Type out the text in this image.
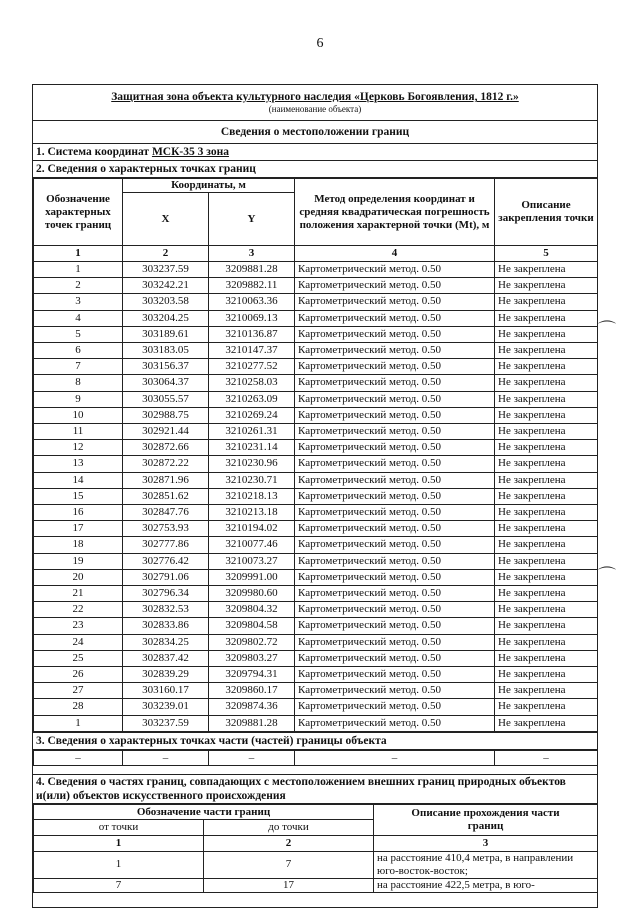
6
⌒
⌒
Защитная зона объекта культурного наследия «Церковь Богоявления, 1812 г.»
(наименование объекта)
Сведения о местоположении границ
1. Система координат МСК-35 3 зона
2. Сведения о характерных точках границ
Обозначение характерных точек границ	Координаты, м		Метод определения координат и средняя квадратическая погрешность положения характерной точки (Mt), м	Описание закрепления точки
	X	Y		
1	2	3	4	5
1	303237.59	3209881.28	Картометрический метод. 0.50	Не закреплена
2	303242.21	3209882.11	Картометрический метод. 0.50	Не закреплена
3	303203.58	3210063.36	Картометрический метод. 0.50	Не закреплена
4	303204.25	3210069.13	Картометрический метод. 0.50	Не закреплена
5	303189.61	3210136.87	Картометрический метод. 0.50	Не закреплена
6	303183.05	3210147.37	Картометрический метод. 0.50	Не закреплена
7	303156.37	3210277.52	Картометрический метод. 0.50	Не закреплена
8	303064.37	3210258.03	Картометрический метод. 0.50	Не закреплена
9	303055.57	3210263.09	Картометрический метод. 0.50	Не закреплена
10	302988.75	3210269.24	Картометрический метод. 0.50	Не закреплена
11	302921.44	3210261.31	Картометрический метод. 0.50	Не закреплена
12	302872.66	3210231.14	Картометрический метод. 0.50	Не закреплена
13	302872.22	3210230.96	Картометрический метод. 0.50	Не закреплена
14	302871.96	3210230.71	Картометрический метод. 0.50	Не закреплена
15	302851.62	3210218.13	Картометрический метод. 0.50	Не закреплена
16	302847.76	3210213.18	Картометрический метод. 0.50	Не закреплена
17	302753.93	3210194.02	Картометрический метод. 0.50	Не закреплена
18	302777.86	3210077.46	Картометрический метод. 0.50	Не закреплена
19	302776.42	3210073.27	Картометрический метод. 0.50	Не закреплена
20	302791.06	3209991.00	Картометрический метод. 0.50	Не закреплена
21	302796.34	3209980.60	Картометрический метод. 0.50	Не закреплена
22	302832.53	3209804.32	Картометрический метод. 0.50	Не закреплена
23	302833.86	3209804.58	Картометрический метод. 0.50	Не закреплена
24	302834.25	3209802.72	Картометрический метод. 0.50	Не закреплена
25	302837.42	3209803.27	Картометрический метод. 0.50	Не закреплена
26	302839.29	3209794.31	Картометрический метод. 0.50	Не закреплена
27	303160.17	3209860.17	Картометрический метод. 0.50	Не закреплена
28	303239.01	3209874.36	Картометрический метод. 0.50	Не закреплена
1	303237.59	3209881.28	Картометрический метод. 0.50	Не закреплена
3. Сведения о характерных точках части (частей) границы объекта
–	–	–	–	–
4. Сведения о частях границ, совпадающих с местоположением внешних границ природных объектов и(или) объектов искусственного происхождения
Обозначение части границ		Описание прохождения части границ
от точки	до точки	
1	2	3
1	7	на расстояние 410,4 метра, в направлении юго-восток-восток;
7	17	на расстояние 422,5 метра, в юго-
